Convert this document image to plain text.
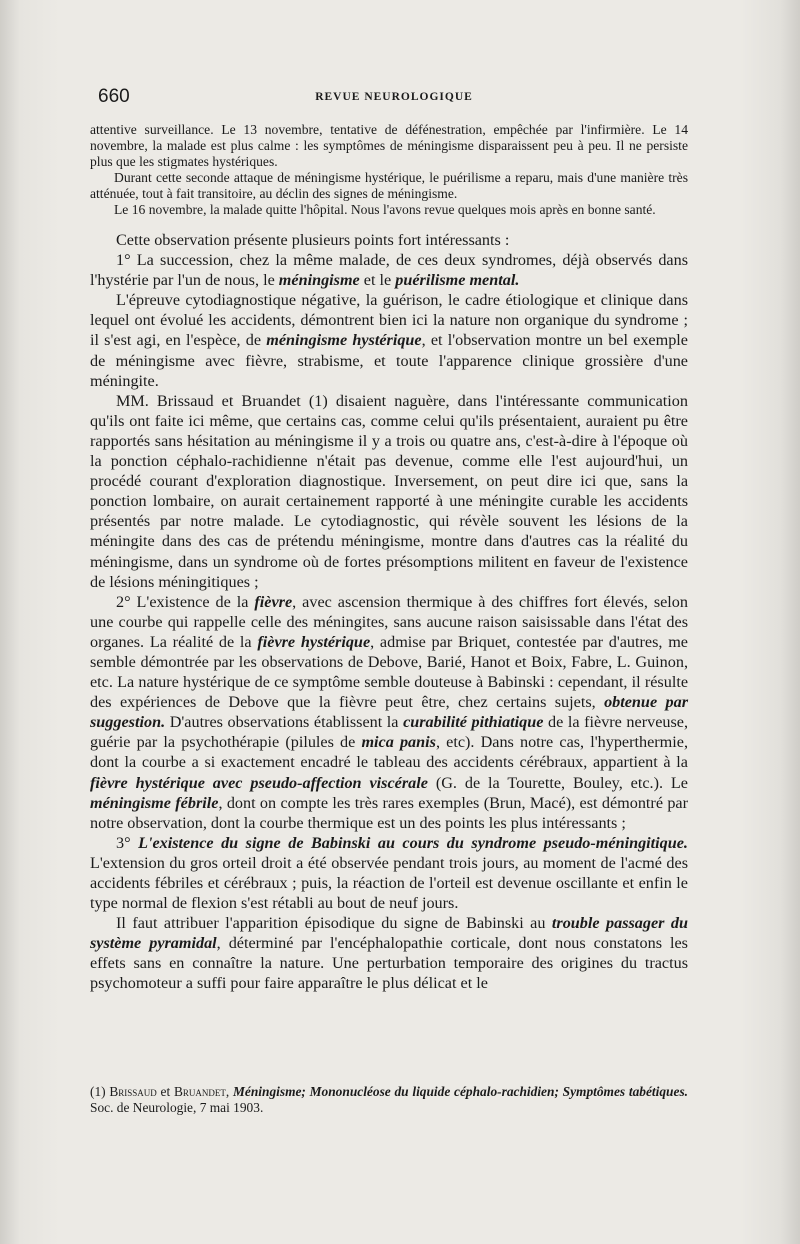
660	REVUE NEUROLOGIQUE

attentive surveillance. Le 13 novembre, tentative de défénestration, empêchée par l'infirmière. Le 14 novembre, la malade est plus calme : les symptômes de méningisme disparaissent peu à peu. Il ne persiste plus que les stigmates hystériques.

Durant cette seconde attaque de méningisme hystérique, le puérilisme a reparu, mais d'une manière très atténuée, tout à fait transitoire, au déclin des signes de méningisme.

Le 16 novembre, la malade quitte l'hôpital. Nous l'avons revue quelques mois après en bonne santé.

Cette observation présente plusieurs points fort intéressants :

1° La succession, chez la même malade, de ces deux syndromes, déjà observés dans l'hystérie par l'un de nous, le méningisme et le puérilisme mental.

L'épreuve cytodiagnostique négative, la guérison, le cadre étiologique et clinique dans lequel ont évolué les accidents, démontrent bien ici la nature non organique du syndrome ; il s'est agi, en l'espèce, de méningisme hystérique, et l'observation montre un bel exemple de méningisme avec fièvre, strabisme, et toute l'apparence clinique grossière d'une méningite.

MM. Brissaud et Bruandet (1) disaient naguère, dans l'intéressante communication qu'ils ont faite ici même, que certains cas, comme celui qu'ils présentaient, auraient pu être rapportés sans hésitation au méningisme il y a trois ou quatre ans, c'est-à-dire à l'époque où la ponction céphalo-rachidienne n'était pas devenue, comme elle l'est aujourd'hui, un procédé courant d'exploration diagnostique. Inversement, on peut dire ici que, sans la ponction lombaire, on aurait certainement rapporté à une méningite curable les accidents présentés par notre malade. Le cytodiagnostic, qui révèle souvent les lésions de la méningite dans des cas de prétendu méningisme, montre dans d'autres cas la réalité du méningisme, dans un syndrome où de fortes présomptions militent en faveur de l'existence de lésions méningitiques ;

2° L'existence de la fièvre, avec ascension thermique à des chiffres fort élevés, selon une courbe qui rappelle celle des méningites, sans aucune raison saisissable dans l'état des organes. La réalité de la fièvre hystérique, admise par Briquet, contestée par d'autres, me semble démontrée par les observations de Debove, Barié, Hanot et Boix, Fabre, L. Guinon, etc. La nature hystérique de ce symptôme semble douteuse à Babinski : cependant, il résulte des expériences de Debove que la fièvre peut être, chez certains sujets, obtenue par suggestion. D'autres observations établissent la curabilité pithiatique de la fièvre nerveuse, guérie par la psychothérapie (pilules de mica panis, etc). Dans notre cas, l'hyperthermie, dont la courbe a si exactement encadré le tableau des accidents cérébraux, appartient à la fièvre hystérique avec pseudo-affection viscérale (G. de la Tourette, Bouley, etc.). Le méningisme fébrile, dont on compte les très rares exemples (Brun, Macé), est démontré par notre observation, dont la courbe thermique est un des points les plus intéressants ;

3° L'existence du signe de Babinski au cours du syndrome pseudo-méningitique. L'extension du gros orteil droit a été observée pendant trois jours, au moment de l'acmé des accidents fébriles et cérébraux ; puis, la réaction de l'orteil est devenue oscillante et enfin le type normal de flexion s'est rétabli au bout de neuf jours.

Il faut attribuer l'apparition épisodique du signe de Babinski au trouble passager du système pyramidal, déterminé par l'encéphalopathie corticale, dont nous constatons les effets sans en connaître la nature. Une perturbation temporaire des origines du tractus psychomoteur a suffi pour faire apparaître le plus délicat et le

(1) Brissaud et Bruandet, Méningisme; Mononucléose du liquide céphalo-rachidien; Symptômes tabétiques. Soc. de Neurologie, 7 mai 1903.
